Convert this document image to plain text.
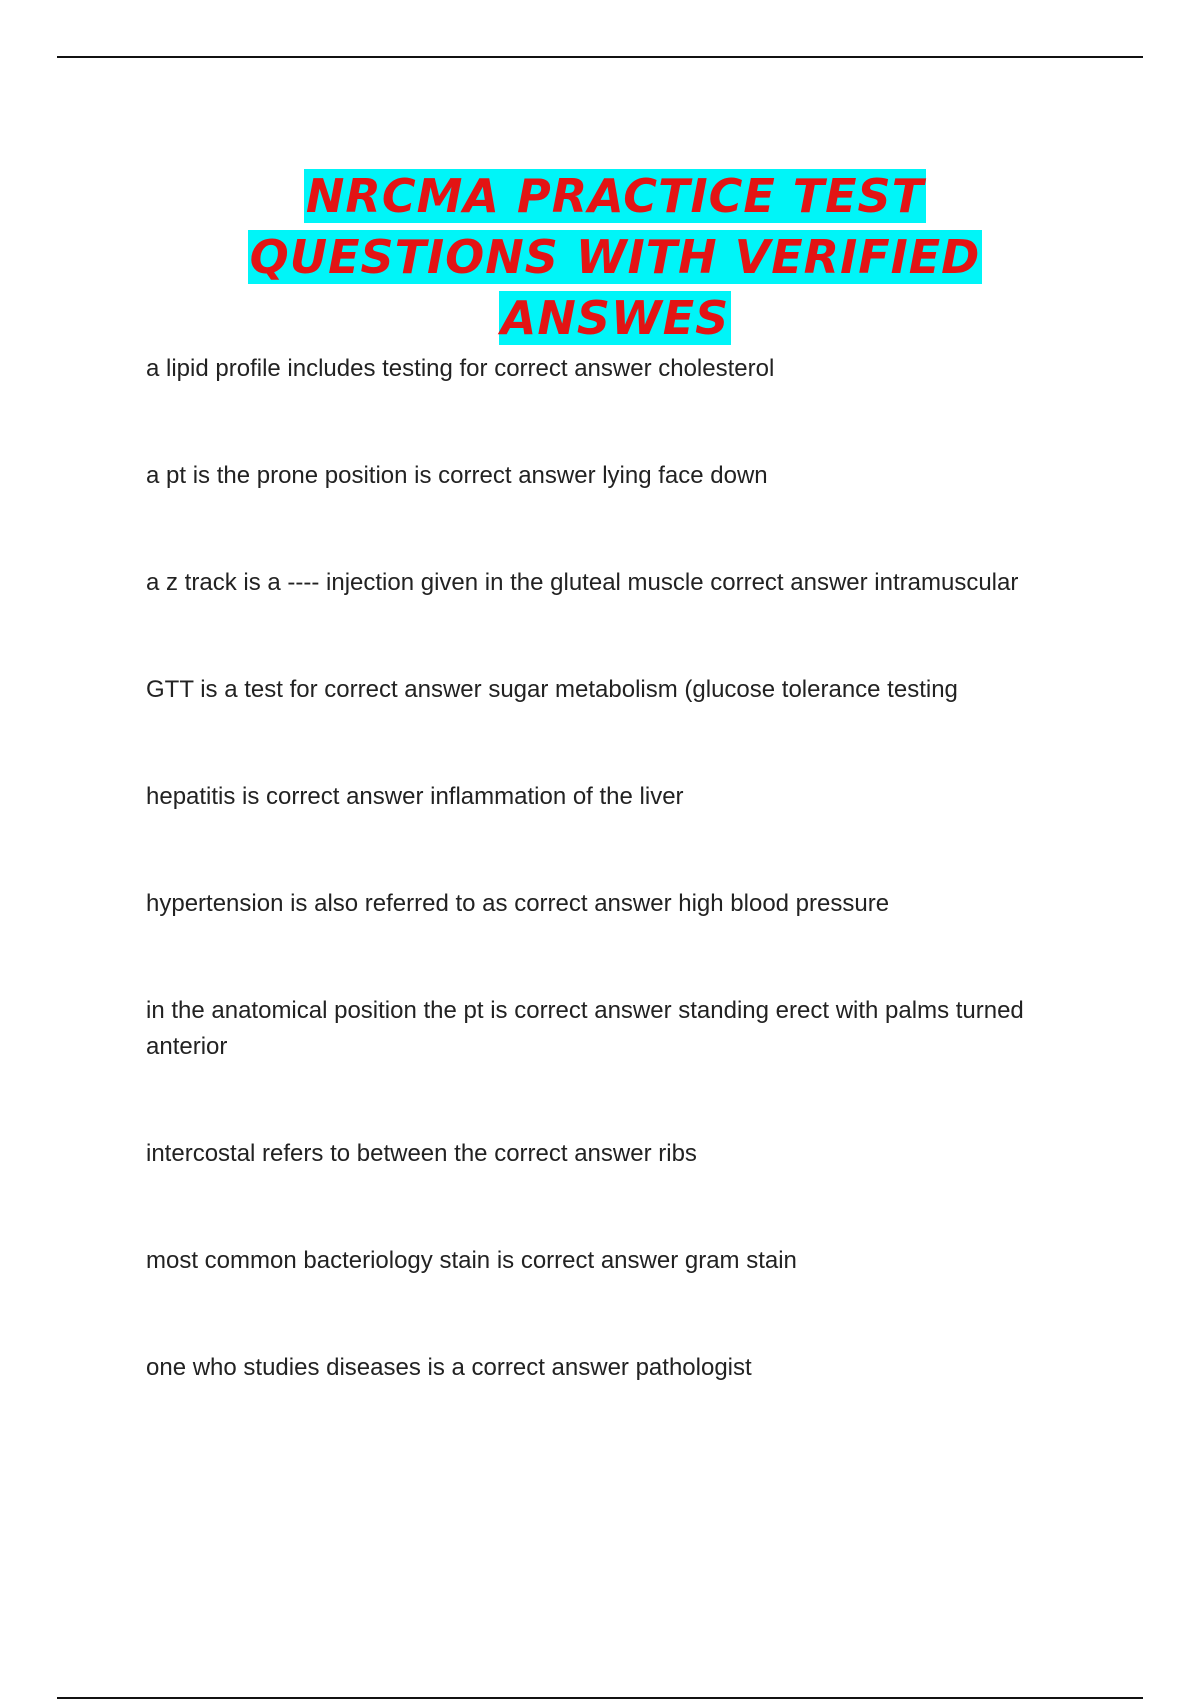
NRCMA PRACTICE TEST
QUESTIONS WITH VERIFIED
ANSWES

a lipid profile includes testing for correct answer cholesterol

a pt is the prone position is correct answer lying face down

a z track is a ---- injection given in the gluteal muscle correct answer intramuscular

GTT is a test for correct answer sugar metabolism (glucose tolerance testing

hepatitis is correct answer inflammation of the liver

hypertension is also referred to as correct answer high blood pressure

in the anatomical position the pt is correct answer standing erect with palms turned anterior

intercostal refers to between the correct answer ribs

most common bacteriology stain is correct answer gram stain

one who studies diseases is a correct answer pathologist
